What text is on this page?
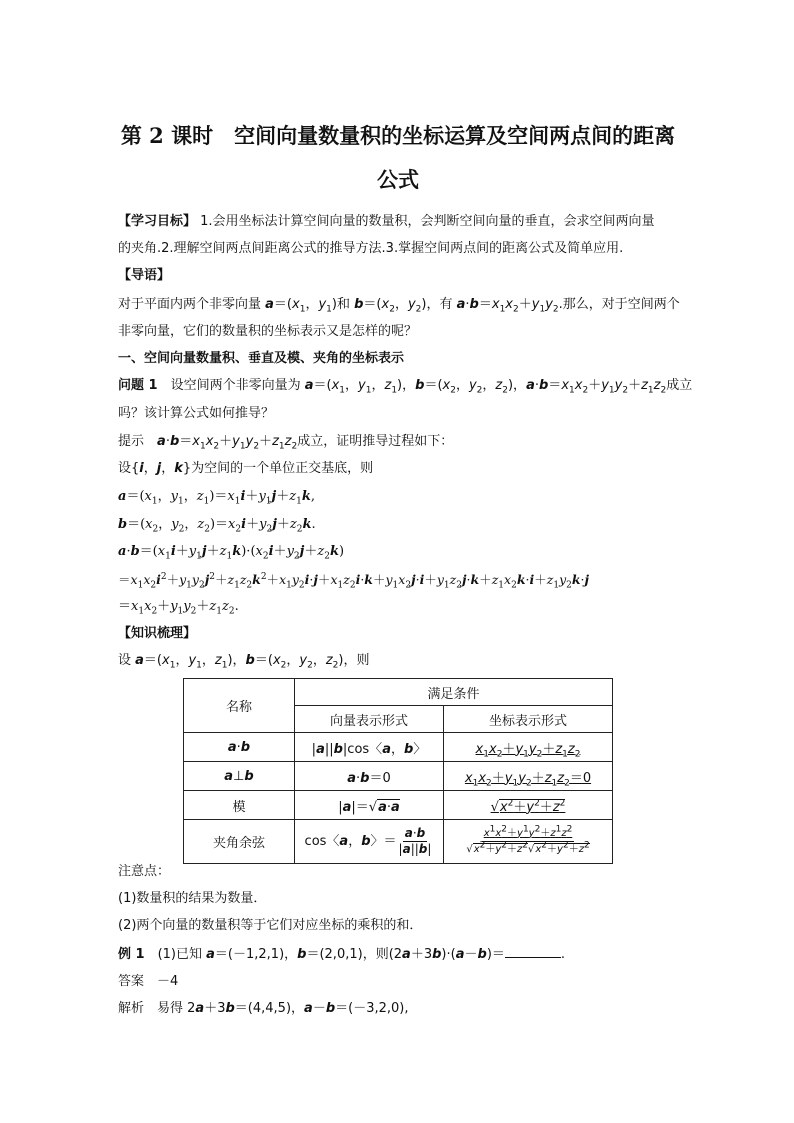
第 2 课时　空间向量数量积的坐标运算及空间两点间的距离
公式
【学习目标】 1.会用坐标法计算空间向量的数量积，会判断空间向量的垂直，会求空间两向量
的夹角.2.理解空间两点间距离公式的推导方法.3.掌握空间两点间的距离公式及简单应用.
【导语】
对于平面内两个非零向量 $a=(x_1$，$y_1$)和 $b=(x_2$，$y_2$)，有 $a\cdot b=x_1x_2+y_1y_2$.那么，对于空间两个
非零向量，它们的数量积的坐标表示又是怎样的呢？
一、空间向量数量积、垂直及模、夹角的坐标表示
问题 1　设空间两个非零向量为 $a=(x_1$，$y_1$，$z_1$)，$b=(x_2$，$y_2$，$z_2$)，$a\cdot b=x_1x_2+y_1y_2+z_1z_2$成立
吗？该计算公式如何推导？
提示　 $a\cdot b=x_1x_2+y_1y_2+z_1z_2$成立，证明推导过程如下：
设{i，j，k}为空间的一个单位正交基底，则
$a=(x_1$，$y_1$，$z_1)=x_1i+y_1j+z_1k$,
$b=(x_2$，$y_2$，$z_2)=x_2i+y_2j+z_2k$.
$a\cdot b=(x_1i+y_1j+z_1k)\cdot(x_2i+y_2j+z_2k)$
$=x_1x_2i^2+y_1y_2j^2+z_1z_2k^2+x_1y_2i\cdot j+x_1z_2i\cdot k+y_1x_2j\cdot i+y_1z_2j\cdot k+z_1x_2k\cdot i+z_1y_2k\cdot j$
$=x_1x_2+y_1y_2+z_1z_2$.
【知识梳理】
设 $a=(x_1$，$y_1$，$z_1$)，$b=(x_2$，$y_2$，$z_2$)，则
名称	满足条件	
	向量表示形式	坐标表示形式
a·b	|a||b|cos〈a，b〉	$x_1x_2+y_1y_2+z_1z_2$
a⊥b	a·b＝0	$x_1x_2+y_1y_2+z_1z_2=0$
模	|a|＝√a·a	$√x^2+y^2+z^2$
夹角余弦	cos〈a，b〉＝ $\frac{a\cdot b}{|a||b|}$	$\frac{x^1x^2+y^1y^2+z^1z^2}{√x^2+y^2+z^2√x^2+y^2+z^2}$
注意点：
(1)数量积的结果为数量．
(2)两个向量的数量积等于它们对应坐标的乘积的和．
例 1　(1)已知 a＝(－1,2,1)，b＝(2,0,1)，则(2a＋3b)·(a－b)＝	.
答案　 －4
解析　易得 2a＋3b＝(4,4,5)，a－b＝(－3,2,0),
